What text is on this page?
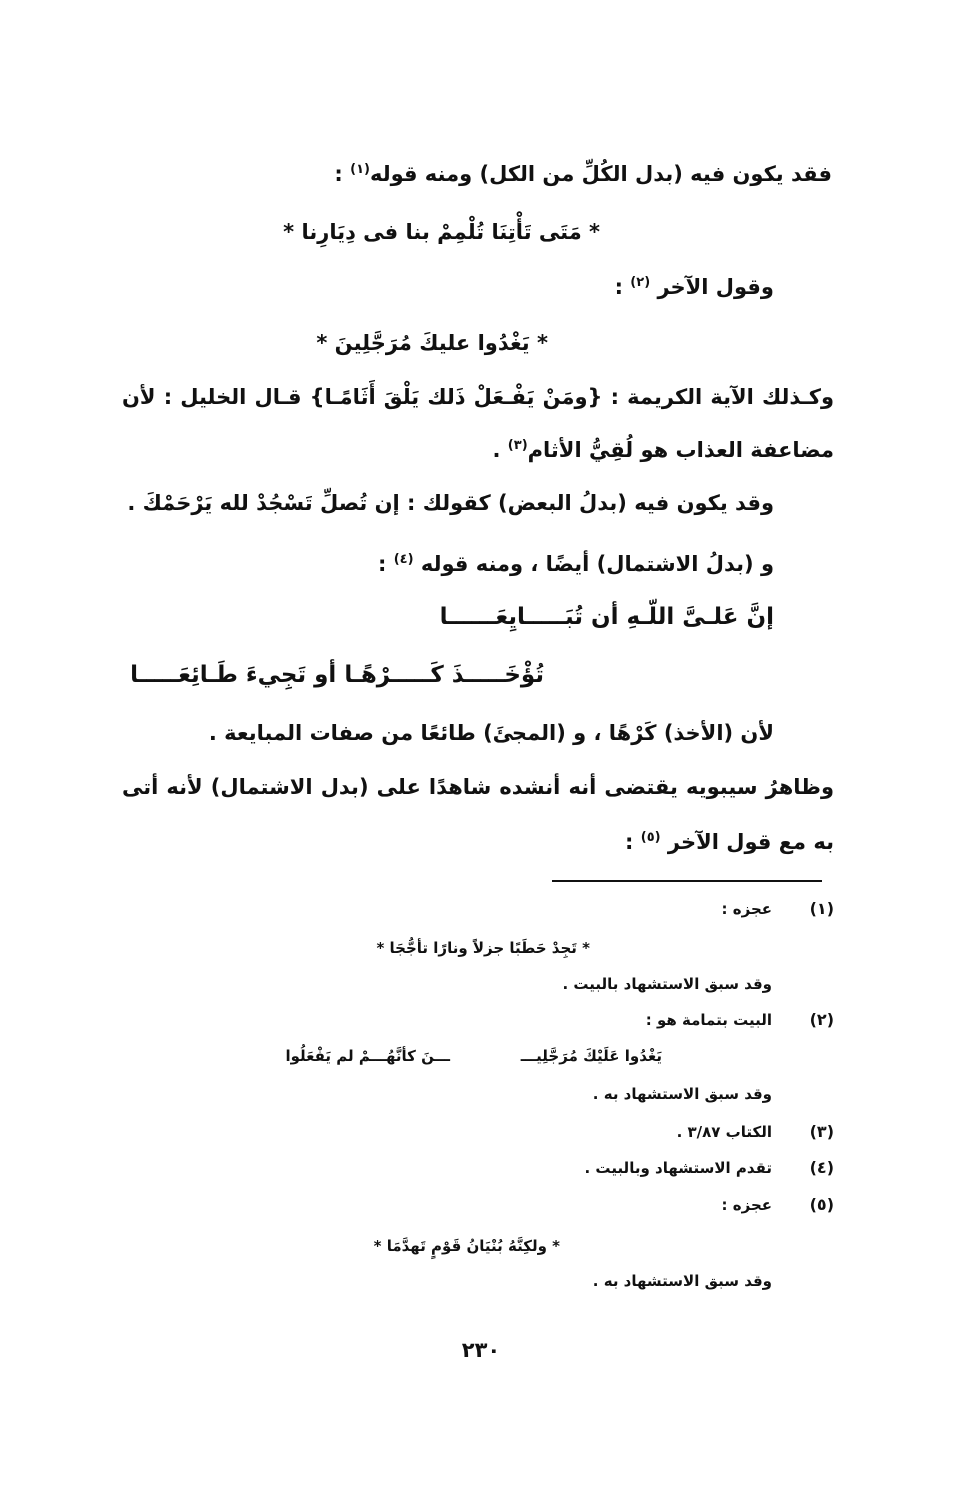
فقد يكون فيه (بدل الكُلِّ من الكل) ومنه قوله$^{(١)}$ :
* مَتَى تَأْتِنَا تُلْمِمْ بنا فى دِيَارِنا *
وقول الآخر $^{(٢)}$ :
* يَغْدُوا عليكَ مُرَجَّلِينَ *
وكـذلك الآية الكريمة : {ومَنْ يَفْـعَلْ ذَلك يَلْقَ أَثَامًـا} قـال الخليل : لأن
مضاعفة العذاب هو لُقِيُّ الأثام$^{(٣)}$ .
وقد يكون فيه (بدلُ البعض) كقولك : إن تُصلِّ تَسْجُدْ لله يَرْحَمْكَ .
و (بدلُ الاشتمال) أيضًا ، ومنه قوله $^{(٤)}$ :
إنَّ عَلـىَّ اللّـهِ أن تُبَـــــايِعَــــــا
تُؤْخَـــــذَ كَـــــرْهًـا أو تَجِيءَ طَـائِعَـــــا
لأن (الأخذ) كَرْهًا ، و (المجئَ) طائعًا من صفات المبايعة .
وظاهرُ سيبويه يقتضى أنه أنشده شاهدًا على (بدل الاشتمال) لأنه أتى
به مع قول الآخر $^{(٥)}$ :
(١)
عجزه :
* تَجِدْ حَطَبًا جزلاً ونارًا تأجُّجَا *
وقد سبق الاستشهاد بالبيت .
(٢)
البيت بتمامة هو :
يَغْدُوا عَلَيْكَ مُرَجَّلِيـــ
ـــنَ كأنَّهُـــمْ لم يَفْعَلُوا
وقد سبق الاستشهاد به .
(٣)
الكتاب ٣/٨٧ .
(٤)
تقدم الاستشهاد وبالبيت .
(٥)
عجزه :
* ولكِنَّهُ بُنْيَانُ قَوْمٍ تَهدَّمَا *
وقد سبق الاستشهاد به .
٢٣٠
